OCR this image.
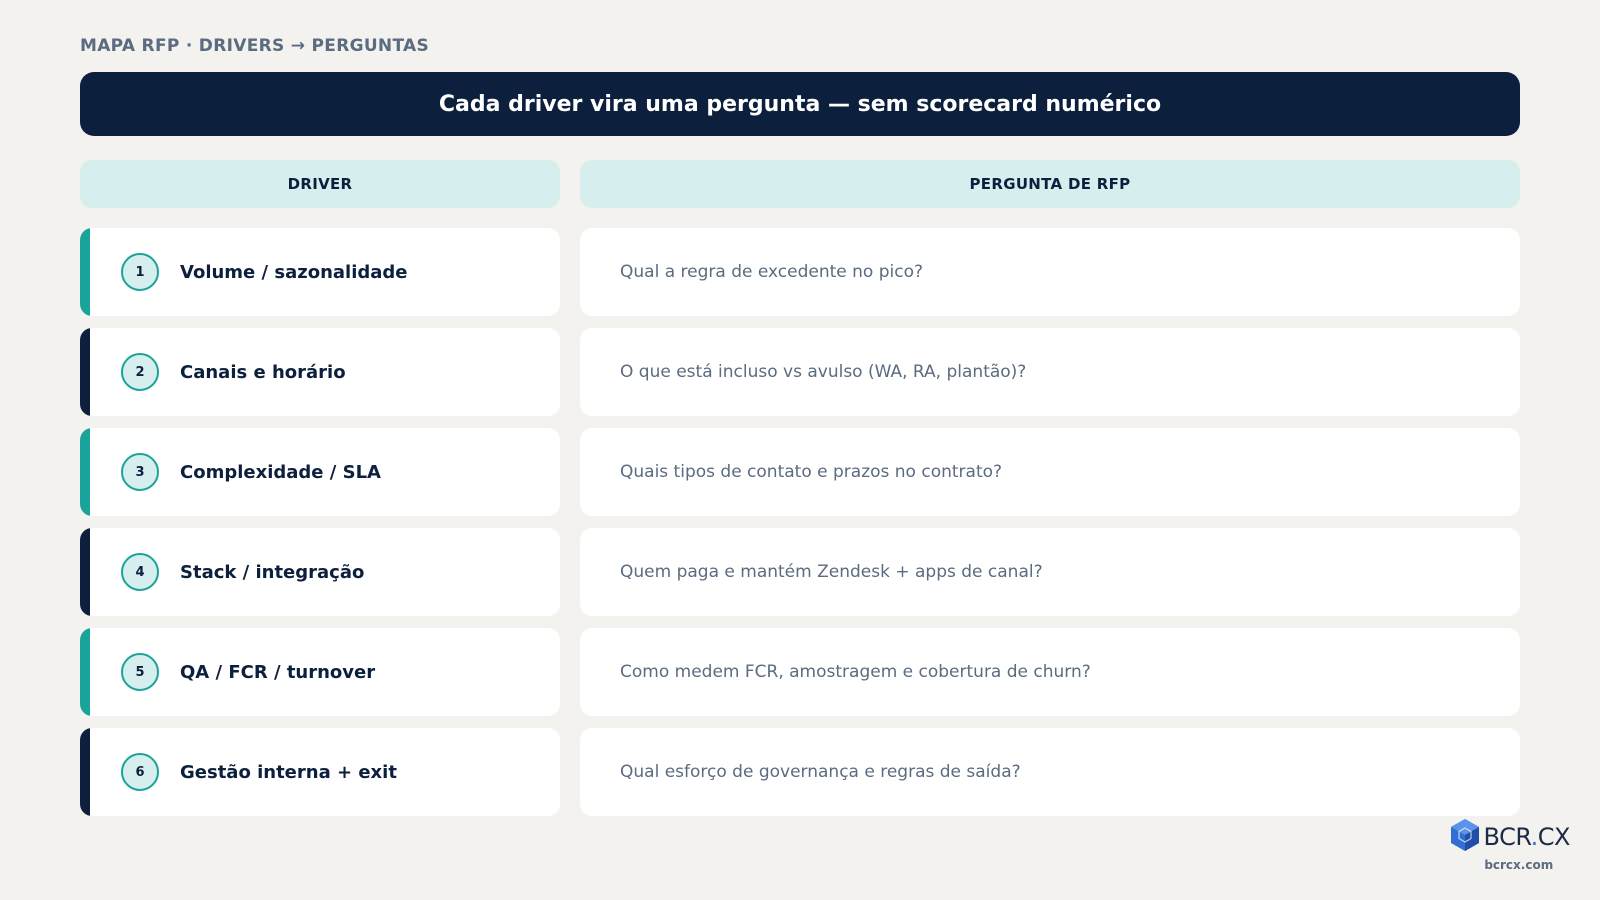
MAPA RFP · DRIVERS → PERGUNTAS
Cada driver vira uma pergunta — sem scorecard numérico
DRIVER	PERGUNTA DE RFP
1	Volume / sazonalidade	Qual a regra de excedente no pico?
2	Canais e horário	O que está incluso vs avulso (WA, RA, plantão)?
3	Complexidade / SLA	Quais tipos de contato e prazos no contrato?
4	Stack / integração	Quem paga e mantém Zendesk + apps de canal?
5	QA / FCR / turnover	Como medem FCR, amostragem e cobertura de churn?
6	Gestão interna + exit	Qual esforço de governança e regras de saída?
BCR.CX
bcrcx.com
